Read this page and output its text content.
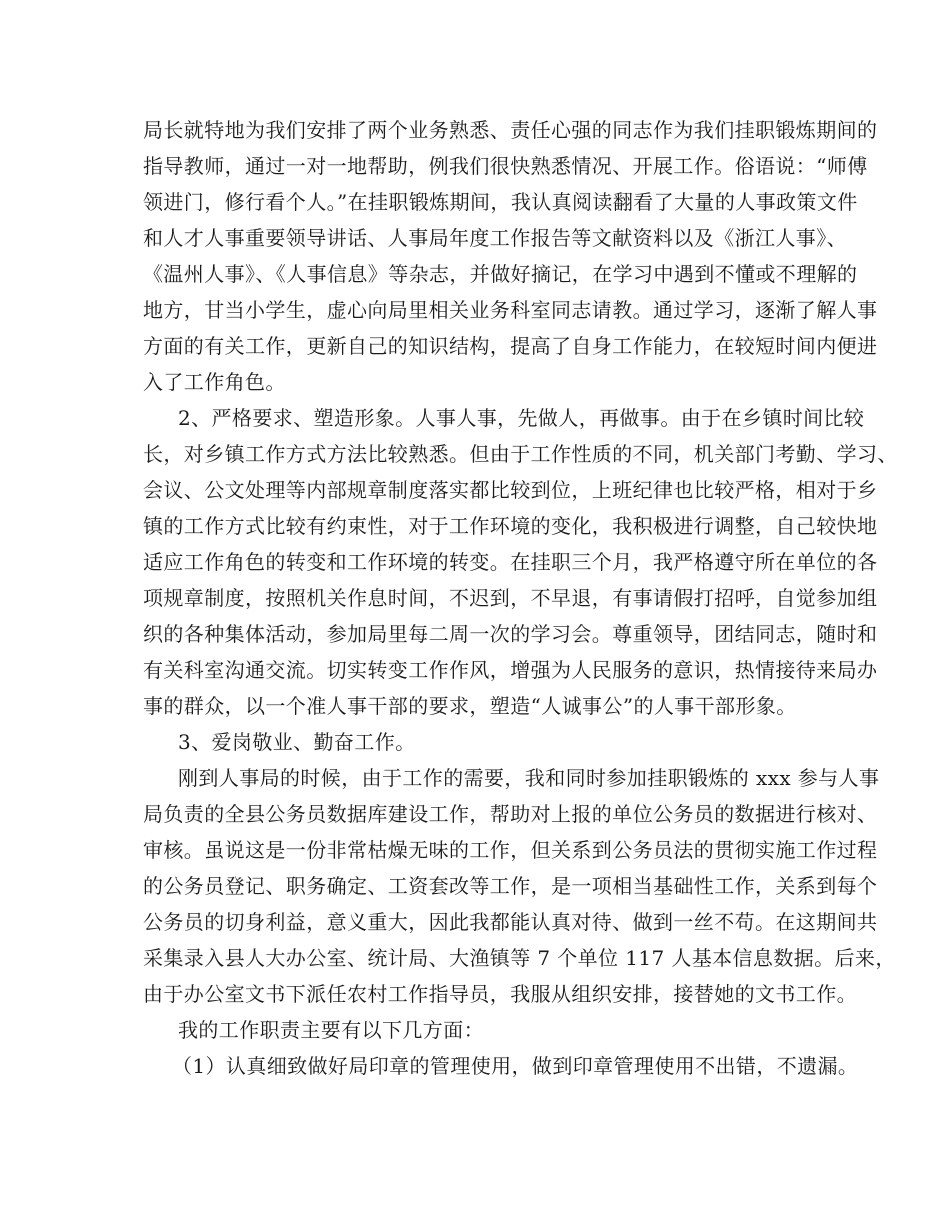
局长就特地为我们安排了两个业务熟悉、责任心强的同志作为我们挂职锻炼期间的
指导教师，通过一对一地帮助，例我们很快熟悉情况、开展工作。俗语说：“师傅
领进门，修行看个人。”在挂职锻炼期间，我认真阅读翻看了大量的人事政策文件
和人才人事重要领导讲话、人事局年度工作报告等文献资料以及《浙江人事》、
《温州人事》、《人事信息》等杂志，并做好摘记，在学习中遇到不懂或不理解的
地方，甘当小学生，虚心向局里相关业务科室同志请教。通过学习，逐渐了解人事
方面的有关工作，更新自己的知识结构，提高了自身工作能力，在较短时间内便进
入了工作角色。
2、严格要求、塑造形象。人事人事，先做人，再做事。由于在乡镇时间比较
长，对乡镇工作方式方法比较熟悉。但由于工作性质的不同，机关部门考勤、学习、
会议、公文处理等内部规章制度落实都比较到位，上班纪律也比较严格，相对于乡
镇的工作方式比较有约束性，对于工作环境的变化，我积极进行调整，自己较快地
适应工作角色的转变和工作环境的转变。在挂职三个月，我严格遵守所在单位的各
项规章制度，按照机关作息时间，不迟到，不早退，有事请假打招呼，自觉参加组
织的各种集体活动，参加局里每二周一次的学习会。尊重领导，团结同志，随时和
有关科室沟通交流。切实转变工作作风，增强为人民服务的意识，热情接待来局办
事的群众，以一个准人事干部的要求，塑造“人诚事公”的人事干部形象。
3、爱岗敬业、勤奋工作。
刚到人事局的时候，由于工作的需要，我和同时参加挂职锻炼的 xxx 参与人事
局负责的全县公务员数据库建设工作，帮助对上报的单位公务员的数据进行核对、
审核。虽说这是一份非常枯燥无味的工作，但关系到公务员法的贯彻实施工作过程
的公务员登记、职务确定、工资套改等工作，是一项相当基础性工作，关系到每个
公务员的切身利益，意义重大，因此我都能认真对待、做到一丝不苟。在这期间共
采集录入县人大办公室、统计局、大渔镇等 7 个单位 117 人基本信息数据。后来，
由于办公室文书下派任农村工作指导员，我服从组织安排，接替她的文书工作。
我的工作职责主要有以下几方面：
（1）认真细致做好局印章的管理使用，做到印章管理使用不出错，不遗漏。
